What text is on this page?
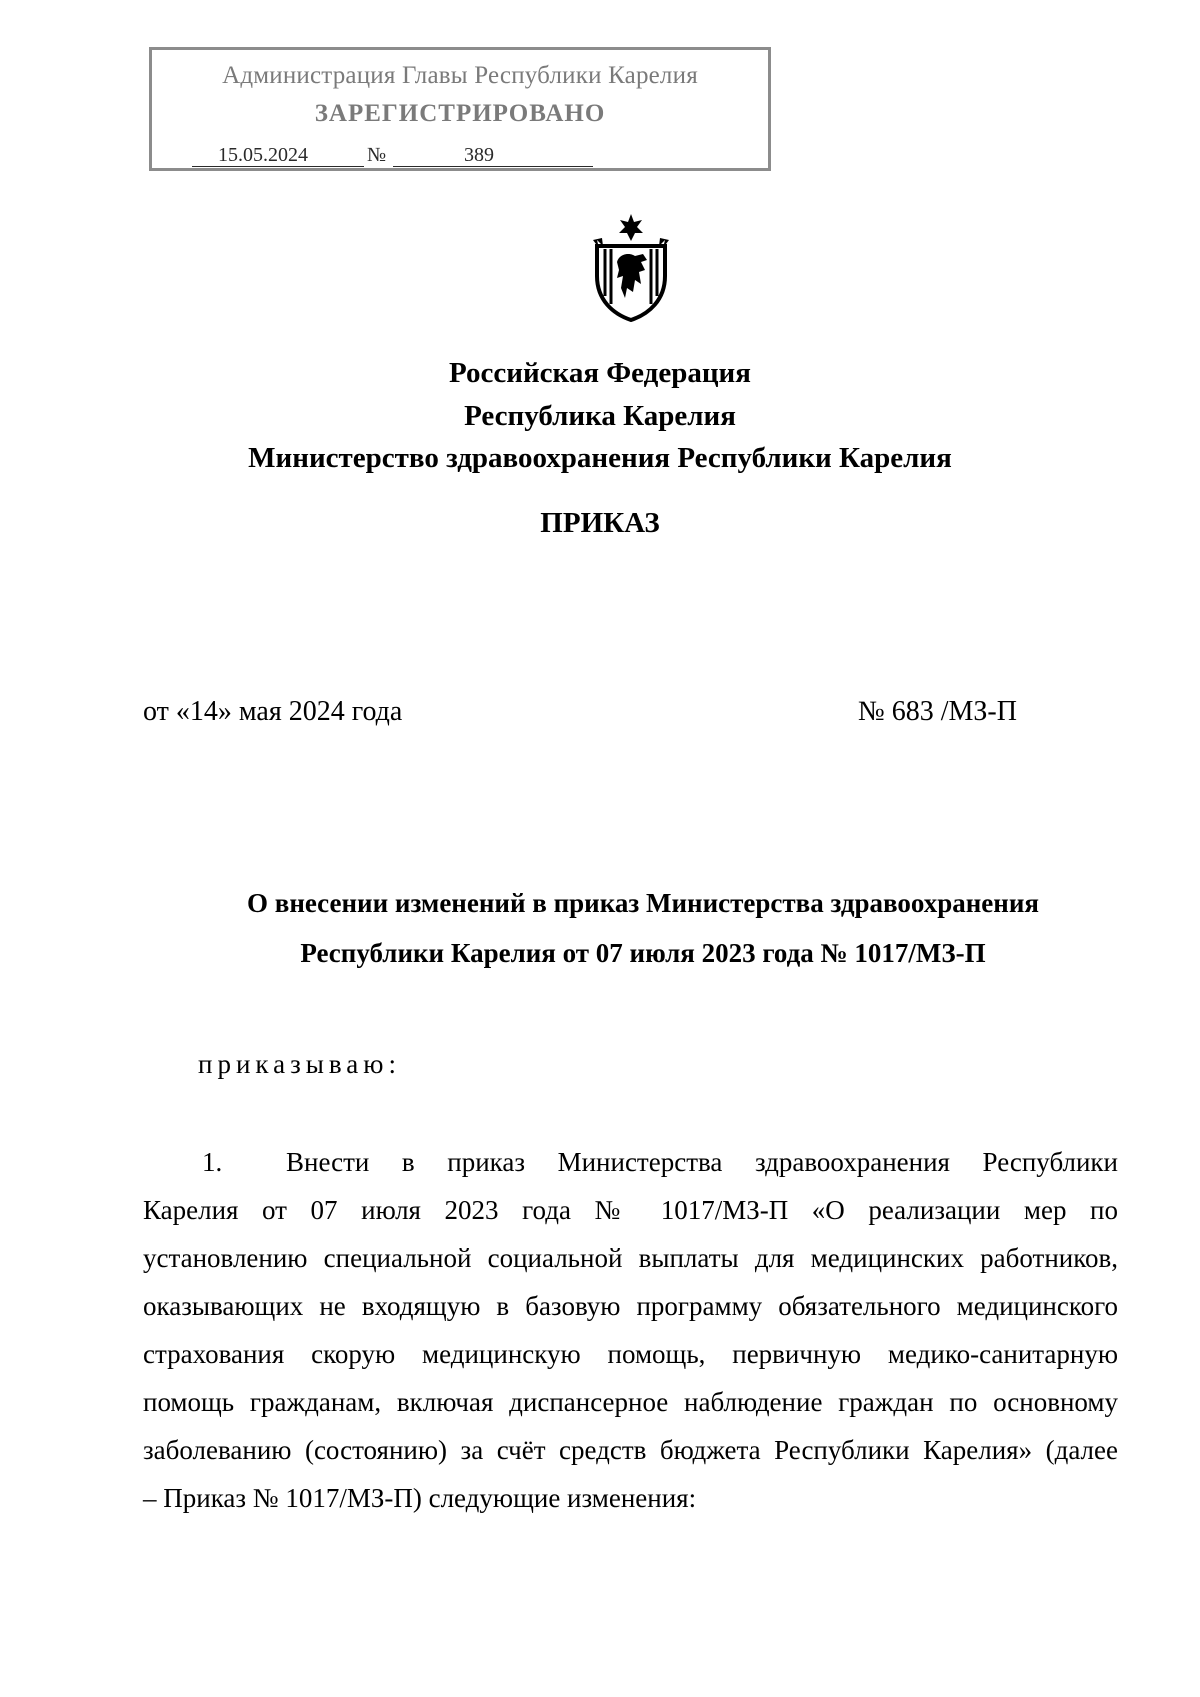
Администрация Главы Республики Карелия
ЗАРЕГИСТРИРОВАНО
15.05.2024	№	389
Российская Федерация
Республика Карелия
Министерство здравоохранения Республики Карелия
ПРИКАЗ
от «14» мая 2024 года	№ 683 /МЗ-П
О внесении изменений в приказ Министерства здравоохранения
Республики Карелия от 07 июля 2023 года № 1017/МЗ-П
приказываю:
1. Внести в приказ Министерства здравоохранения Республики
Карелия от 07 июля 2023 года № 1017/МЗ-П «О реализации мер по
установлению специальной социальной выплаты для медицинских работников,
оказывающих не входящую в базовую программу обязательного медицинского
страхования скорую медицинскую помощь, первичную медико-санитарную
помощь гражданам, включая диспансерное наблюдение граждан по основному
заболеванию (состоянию) за счёт средств бюджета Республики Карелия» (далее
– Приказ № 1017/МЗ-П) следующие изменения:
